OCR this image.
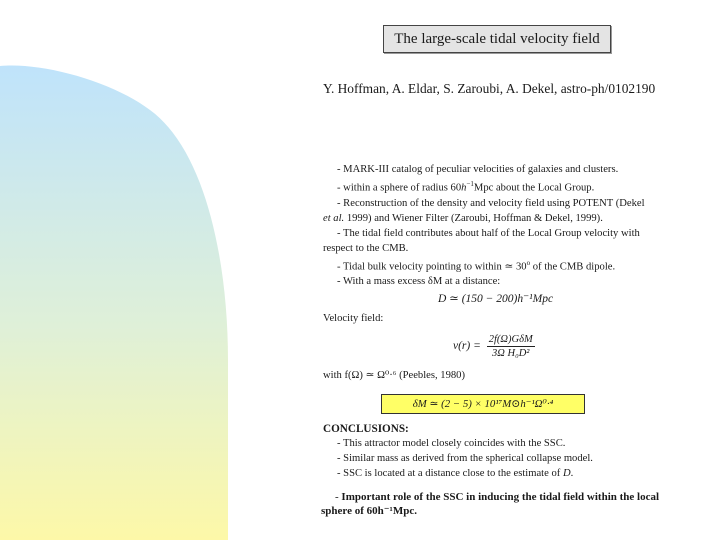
The large-scale tidal velocity field
Y. Hoffman, A. Eldar, S. Zaroubi, A. Dekel, astro-ph/0102190
- MARK-III catalog of peculiar velocities of galaxies and clusters.
- within a sphere of radius $60h^{-1}Mpc$ about the Local Group.
- Reconstruction of the density and velocity field using POTENT (Dekel
et al. 1999) and Wiener Filter (Zaroubi, Hoffman & Dekel, 1999).
- The tidal field contributes about half of the Local Group velocity with
respect to the CMB.
- Tidal bulk velocity pointing to within ≃ 30$^o$ of the CMB dipole.
- With a mass excess δM at a distance:
D ≃ (150 − 200)h⁻¹Mpc
Velocity field:
$v(r) = \frac{\text{2f(Ω)GδM}}{\text{3Ω H₀D²}}$
with f(Ω) ≃ Ω⁰·⁶ (Peebles, 1980)
δM ≃ (2 − 5) × 10¹⁷M⊙h⁻¹Ω⁰·⁴
CONCLUSIONS:
- This attractor model closely coincides with the SSC.
- Similar mass as derived from the spherical collapse model.
- SSC is located at a distance close to the estimate of D.
- Important role of the SSC in inducing the tidal field within the local sphere of 60h⁻¹Mpc.
